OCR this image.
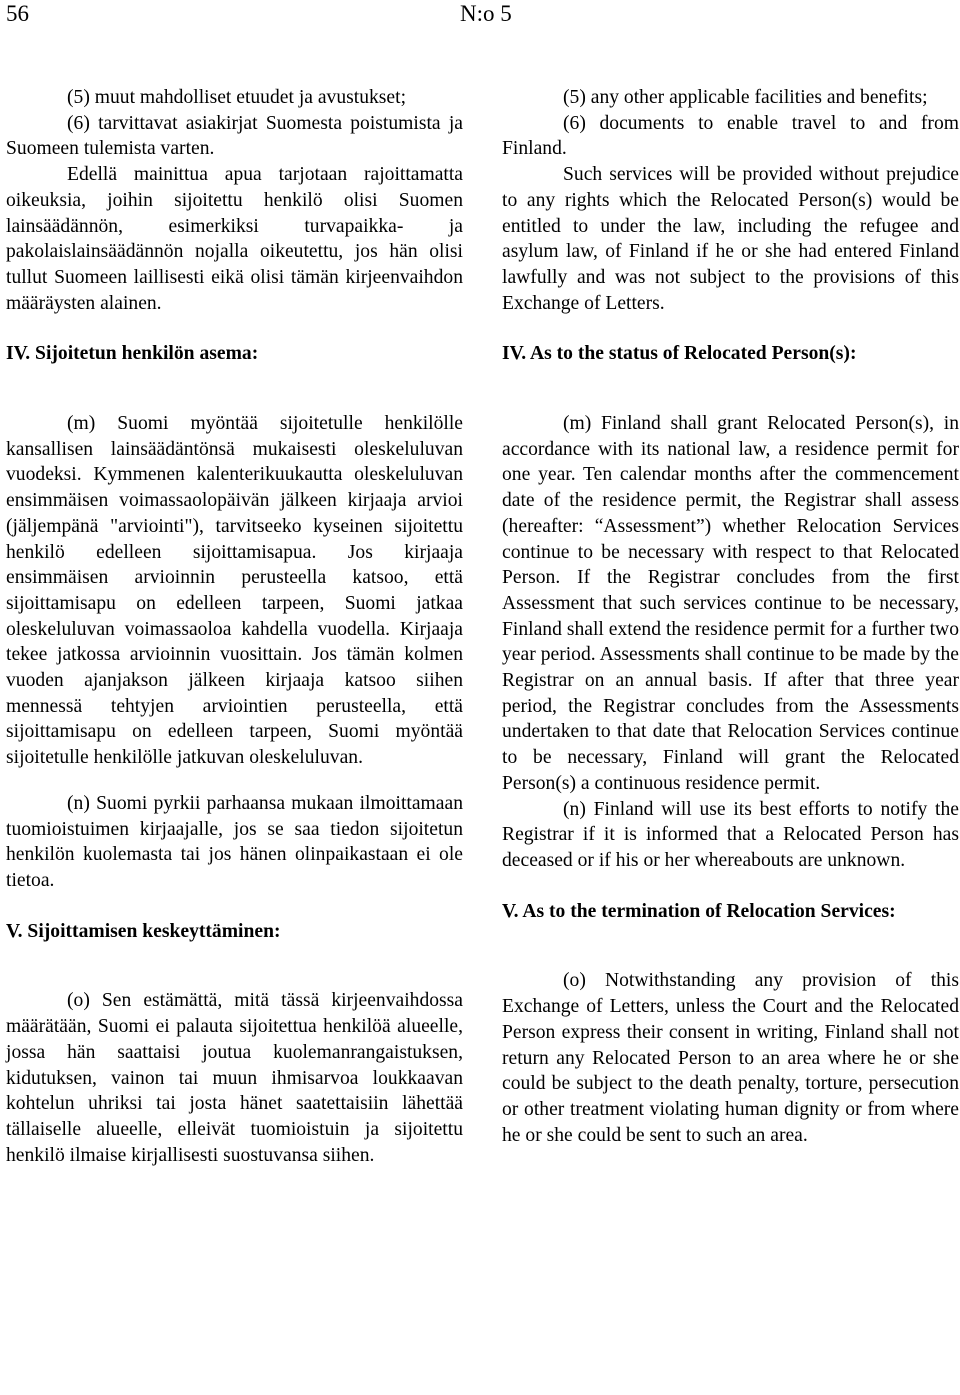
56	N:o 5

(5) muut mahdolliset etuudet ja avustukset;

(6) tarvittavat asiakirjat Suomesta poistumista ja Suomeen tulemista varten.

Edellä mainittua apua tarjotaan rajoittamatta oikeuksia, joihin sijoitettu henkilö olisi Suomen lainsäädännön, esimerkiksi turvapaikka- ja pakolaislainsäädännön nojalla oikeutettu, jos hän olisi tullut Suomeen laillisesti eikä olisi tämän kirjeenvaihdon määräysten alainen.

IV. Sijoitetun henkilön asema:

(m) Suomi myöntää sijoitetulle henkilölle kansallisen lainsäädäntönsä mukaisesti oleskeluluvan vuodeksi. Kymmenen kalenterikuukautta oleskeluluvan ensimmäisen voimassaolopäivän jälkeen kirjaaja arvioi (jäljempänä "arviointi"), tarvitseeko kyseinen sijoitettu henkilö edelleen sijoittamisapua. Jos kirjaaja ensimmäisen arvioinnin perusteella katsoo, että sijoittamisapu on edelleen tarpeen, Suomi jatkaa oleskeluluvan voimassaoloa kahdella vuodella. Kirjaaja tekee jatkossa arvioinnin vuosittain. Jos tämän kolmen vuoden ajanjakson jälkeen kirjaaja katsoo siihen mennessä tehtyjen arviointien perusteella, että sijoittamisapu on edelleen tarpeen, Suomi myöntää sijoitetulle henkilölle jatkuvan oleskeluluvan.

(n) Suomi pyrkii parhaansa mukaan ilmoittamaan tuomioistuimen kirjaajalle, jos se saa tiedon sijoitetun henkilön kuolemasta tai jos hänen olinpaikastaan ei ole tietoa.

V. Sijoittamisen keskeyttäminen:

(o) Sen estämättä, mitä tässä kirjeenvaihdossa määrätään, Suomi ei palauta sijoitettua henkilöä alueelle, jossa hän saattaisi joutua kuolemanrangaistuksen, kidutuksen, vainon tai muun ihmisarvoa loukkaavan kohtelun uhriksi tai josta hänet saatettaisiin lähettää tällaiselle alueelle, elleivät tuomioistuin ja sijoitettu henkilö ilmaise kirjallisesti suostuvansa siihen.

(5) any other applicable facilities and benefits;

(6) documents to enable travel to and from Finland.

Such services will be provided without prejudice to any rights which the Relocated Person(s) would be entitled to under the law, including the refugee and asylum law, of Finland if he or she had entered Finland lawfully and was not subject to the provisions of this Exchange of Letters.

IV. As to the status of Relocated Person(s):

(m) Finland shall grant Relocated Person(s), in accordance with its national law, a residence permit for one year. Ten calendar months after the commencement date of the residence permit, the Registrar shall assess (hereafter: “Assessment”) whether Relocation Services continue to be necessary with respect to that Relocated Person. If the Registrar concludes from the first Assessment that such services continue to be necessary, Finland shall extend the residence permit for a further two year period. Assessments shall continue to be made by the Registrar on an annual basis. If after that three year period, the Registrar concludes from the Assessments undertaken to that date that Relocation Services continue to be necessary, Finland will grant the Relocated Person(s) a continuous residence permit.

(n) Finland will use its best efforts to notify the Registrar if it is informed that a Relocated Person has deceased or if his or her whereabouts are unknown.

V. As to the termination of Relocation Services:

(o) Notwithstanding any provision of this Exchange of Letters, unless the Court and the Relocated Person express their consent in writing, Finland shall not return any Relocated Person to an area where he or she could be subject to the death penalty, torture, persecution or other treatment violating human dignity or from where he or she could be sent to such an area.
